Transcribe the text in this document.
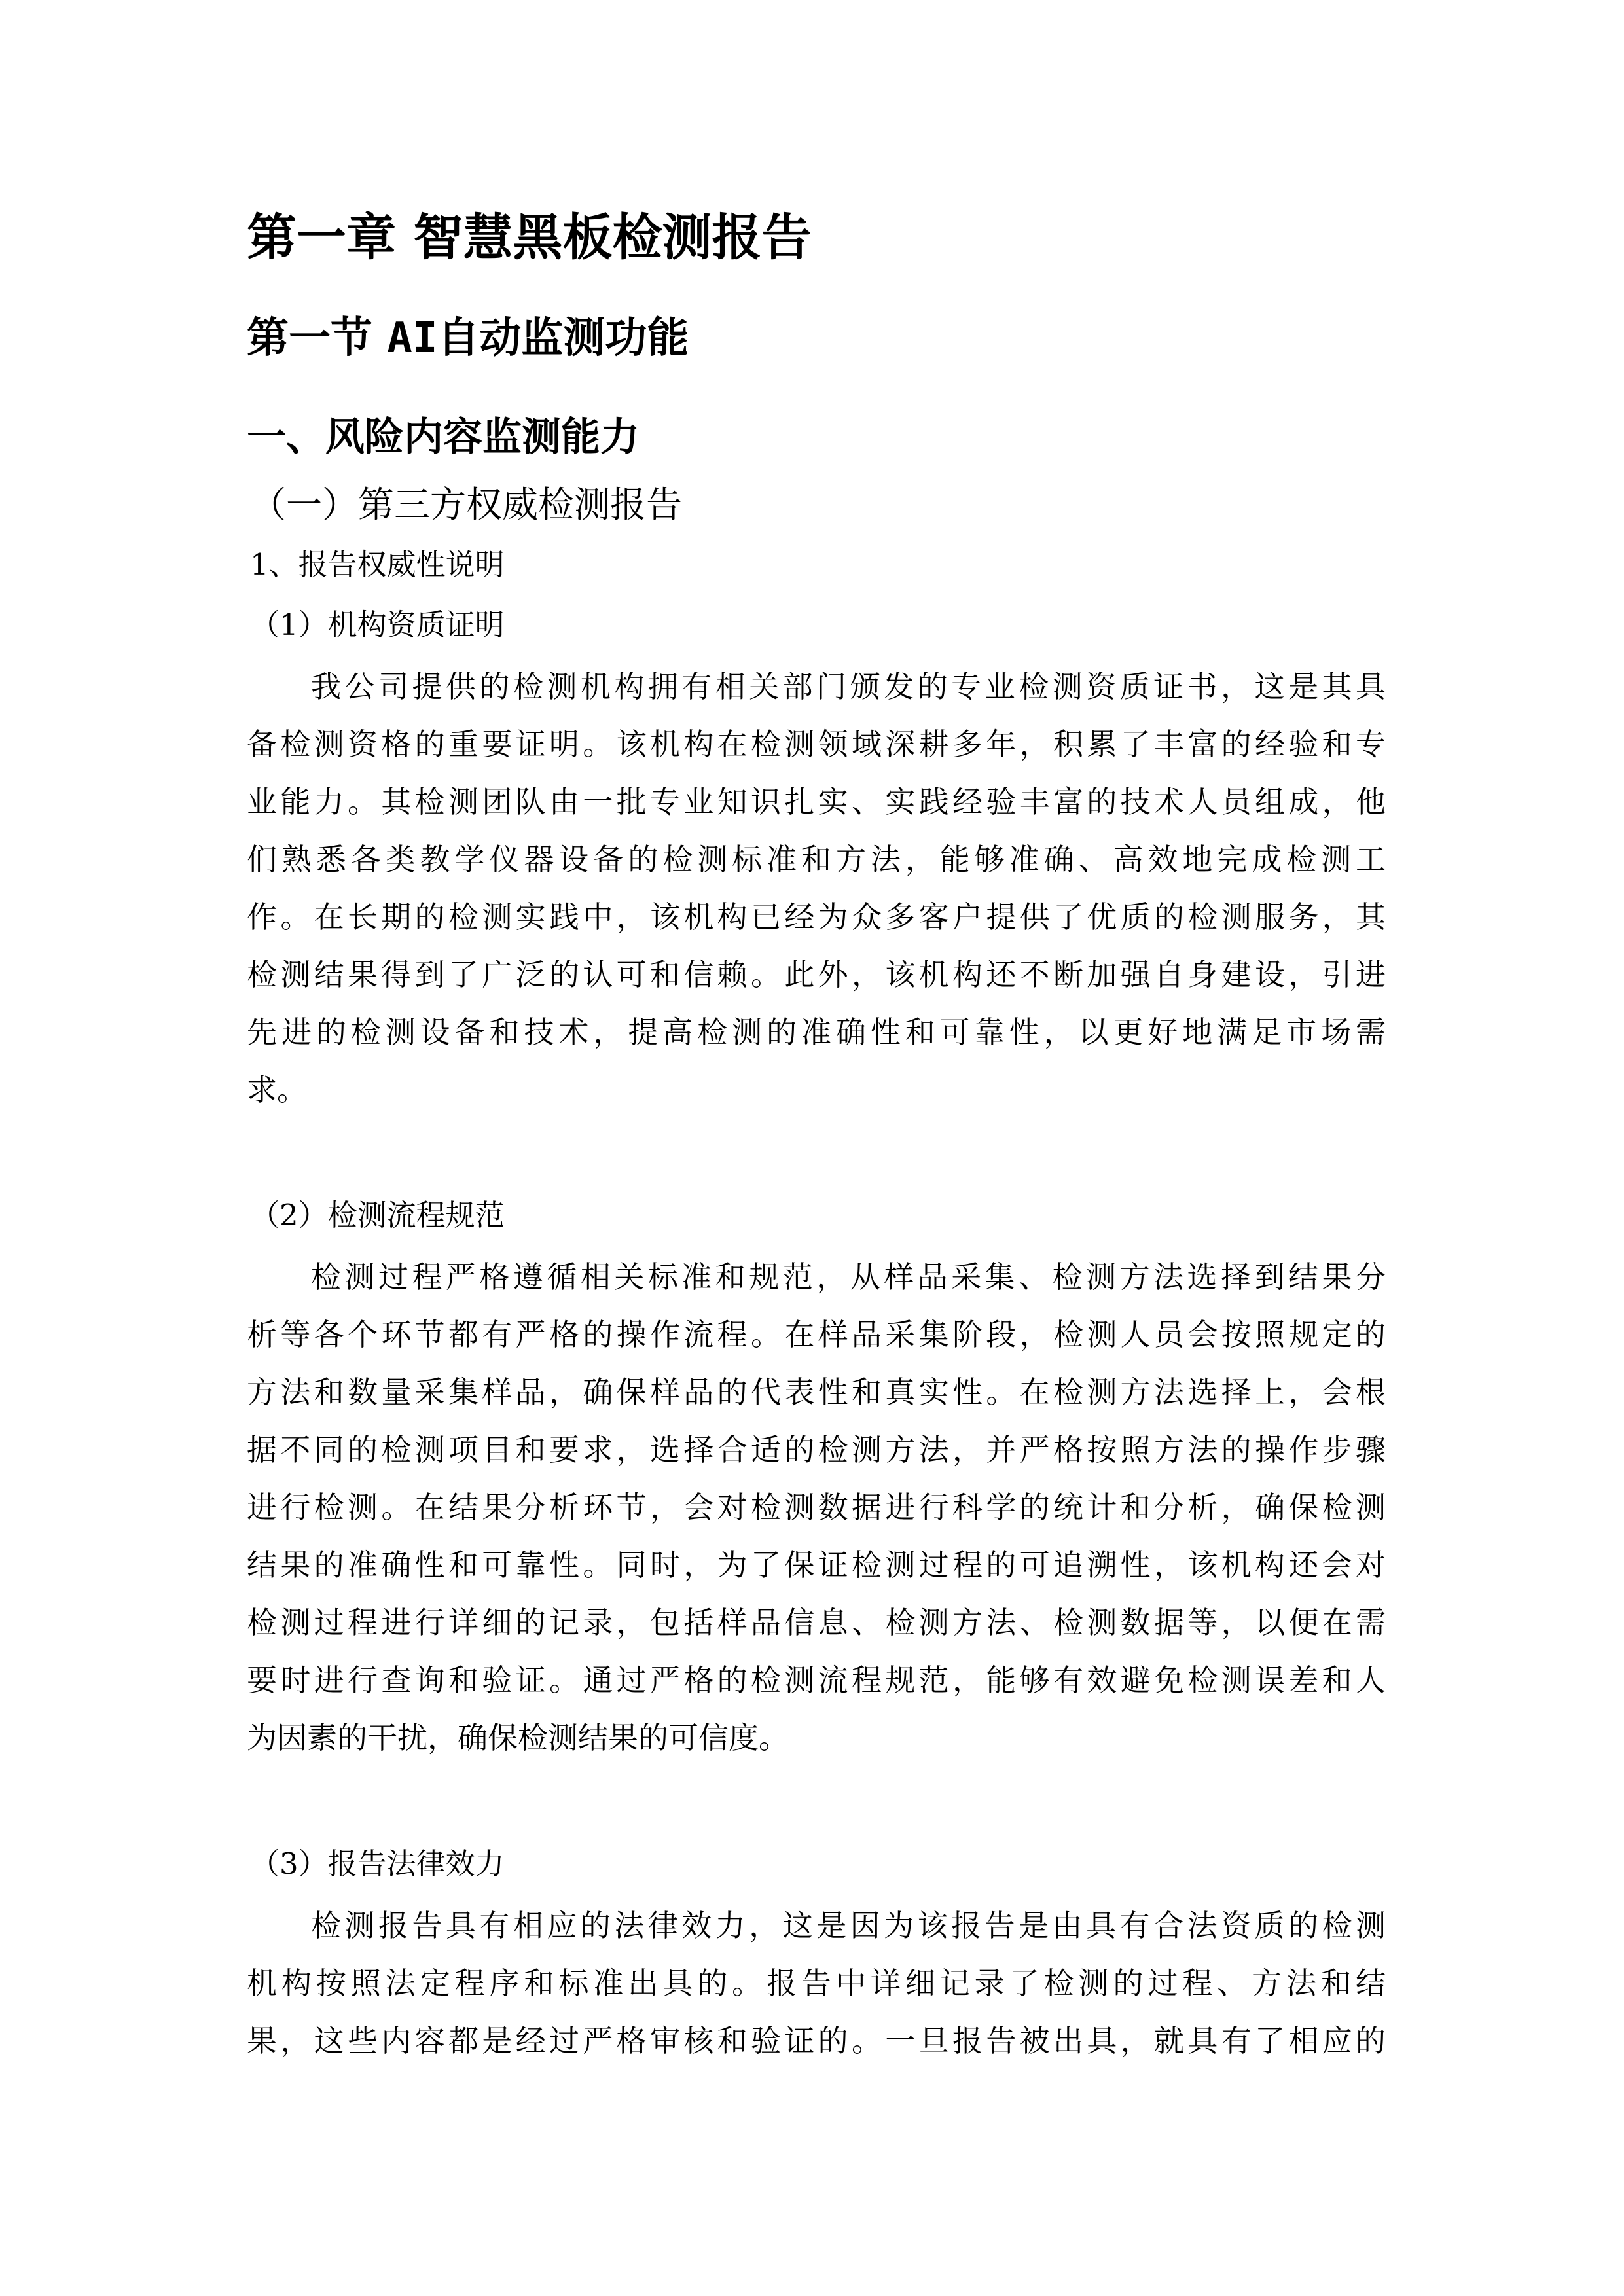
第一章 智慧黑板检测报告
第一节 AI自动监测功能
一、风险内容监测能力
（一）第三方权威检测报告
1、报告权威性说明
（1）机构资质证明
我公司提供的检测机构拥有相关部门颁发的专业检测资质证书，这是其具
备检测资格的重要证明。该机构在检测领域深耕多年，积累了丰富的经验和专
业能力。其检测团队由一批专业知识扎实、实践经验丰富的技术人员组成，他
们熟悉各类教学仪器设备的检测标准和方法，能够准确、高效地完成检测工
作。在长期的检测实践中，该机构已经为众多客户提供了优质的检测服务，其
检测结果得到了广泛的认可和信赖。此外，该机构还不断加强自身建设，引进
先进的检测设备和技术，提高检测的准确性和可靠性，以更好地满足市场需
求。
（2）检测流程规范
检测过程严格遵循相关标准和规范，从样品采集、检测方法选择到结果分
析等各个环节都有严格的操作流程。在样品采集阶段，检测人员会按照规定的
方法和数量采集样品，确保样品的代表性和真实性。在检测方法选择上，会根
据不同的检测项目和要求，选择合适的检测方法，并严格按照方法的操作步骤
进行检测。在结果分析环节，会对检测数据进行科学的统计和分析，确保检测
结果的准确性和可靠性。同时，为了保证检测过程的可追溯性，该机构还会对
检测过程进行详细的记录，包括样品信息、检测方法、检测数据等，以便在需
要时进行查询和验证。通过严格的检测流程规范，能够有效避免检测误差和人
为因素的干扰，确保检测结果的可信度。
（3）报告法律效力
检测报告具有相应的法律效力，这是因为该报告是由具有合法资质的检测
机构按照法定程序和标准出具的。报告中详细记录了检测的过程、方法和结
果，这些内容都是经过严格审核和验证的。一旦报告被出具，就具有了相应的
